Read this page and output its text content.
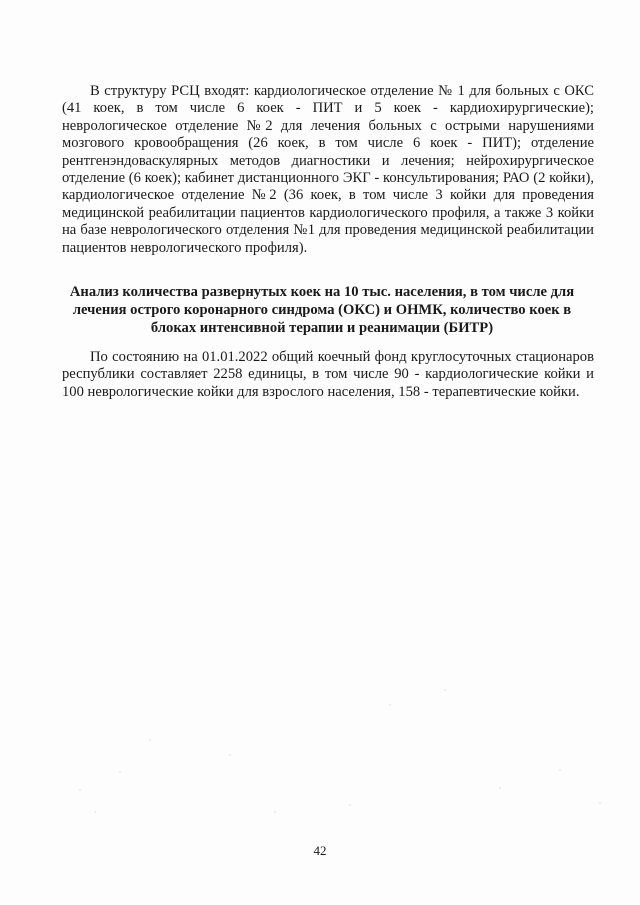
В структуру РСЦ входят: кардиологическое отделение № 1 для больных с ОКС (41 коек, в том числе 6 коек - ПИТ и 5 коек - кардиохирургические); неврологическое отделение №2 для лечения больных с острыми нарушениями мозгового кровообращения (26 коек, в том числе 6 коек - ПИТ); отделение рентгенэндоваскулярных методов диагностики и лечения; нейрохирургическое отделение (6 коек); кабинет дистанционного ЭКГ - консультирования; РАО (2 койки), кардиологическое отделение №2 (36 коек, в том числе 3 койки для проведения медицинской реабилитации пациентов кардиологического профиля, а также 3 койки на базе неврологического отделения №1 для проведения медицинской реабилитации пациентов неврологического профиля).

Анализ количества развернутых коек на 10 тыс. населения, в том числе для лечения острого коронарного синдрома (ОКС) и ОНМК, количество коек в блоках интенсивной терапии и реанимации (БИТР)

По состоянию на 01.01.2022 общий коечный фонд круглосуточных стационаров республики составляет 2258 единицы, в том числе 90 - кардиологические койки и 100 неврологические койки для взрослого населения, 158 - терапевтические койки.

42
